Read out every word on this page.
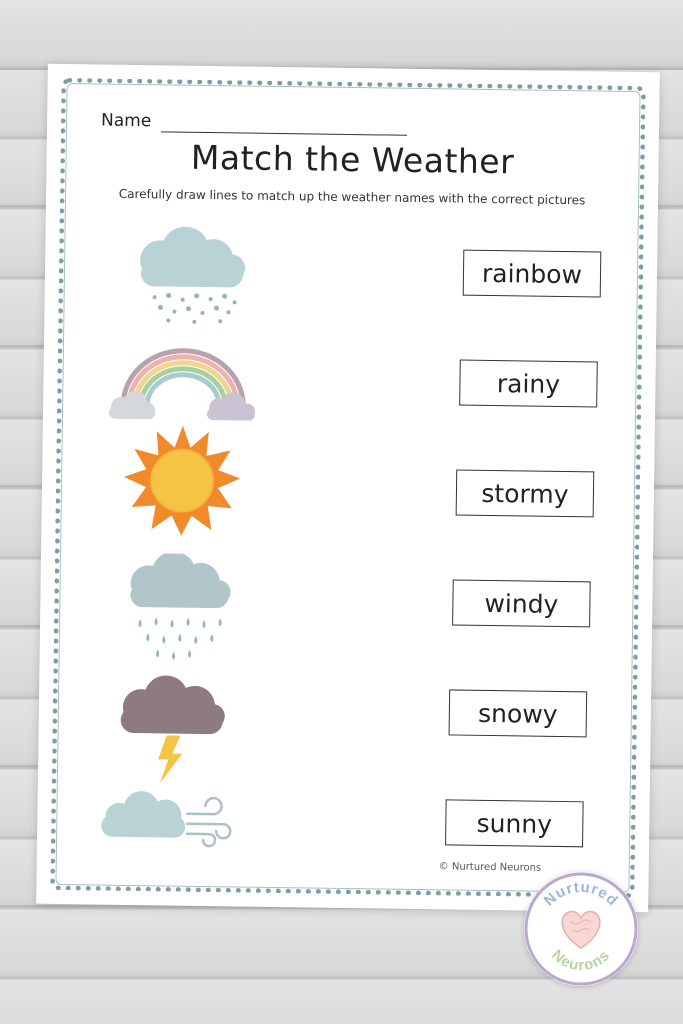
Name
Match the Weather
Carefully draw lines to match up the weather names with the correct pictures
rainbow
rainy
stormy
windy
snowy
sunny
© Nurtured Neurons
Nurtured
Neurons
